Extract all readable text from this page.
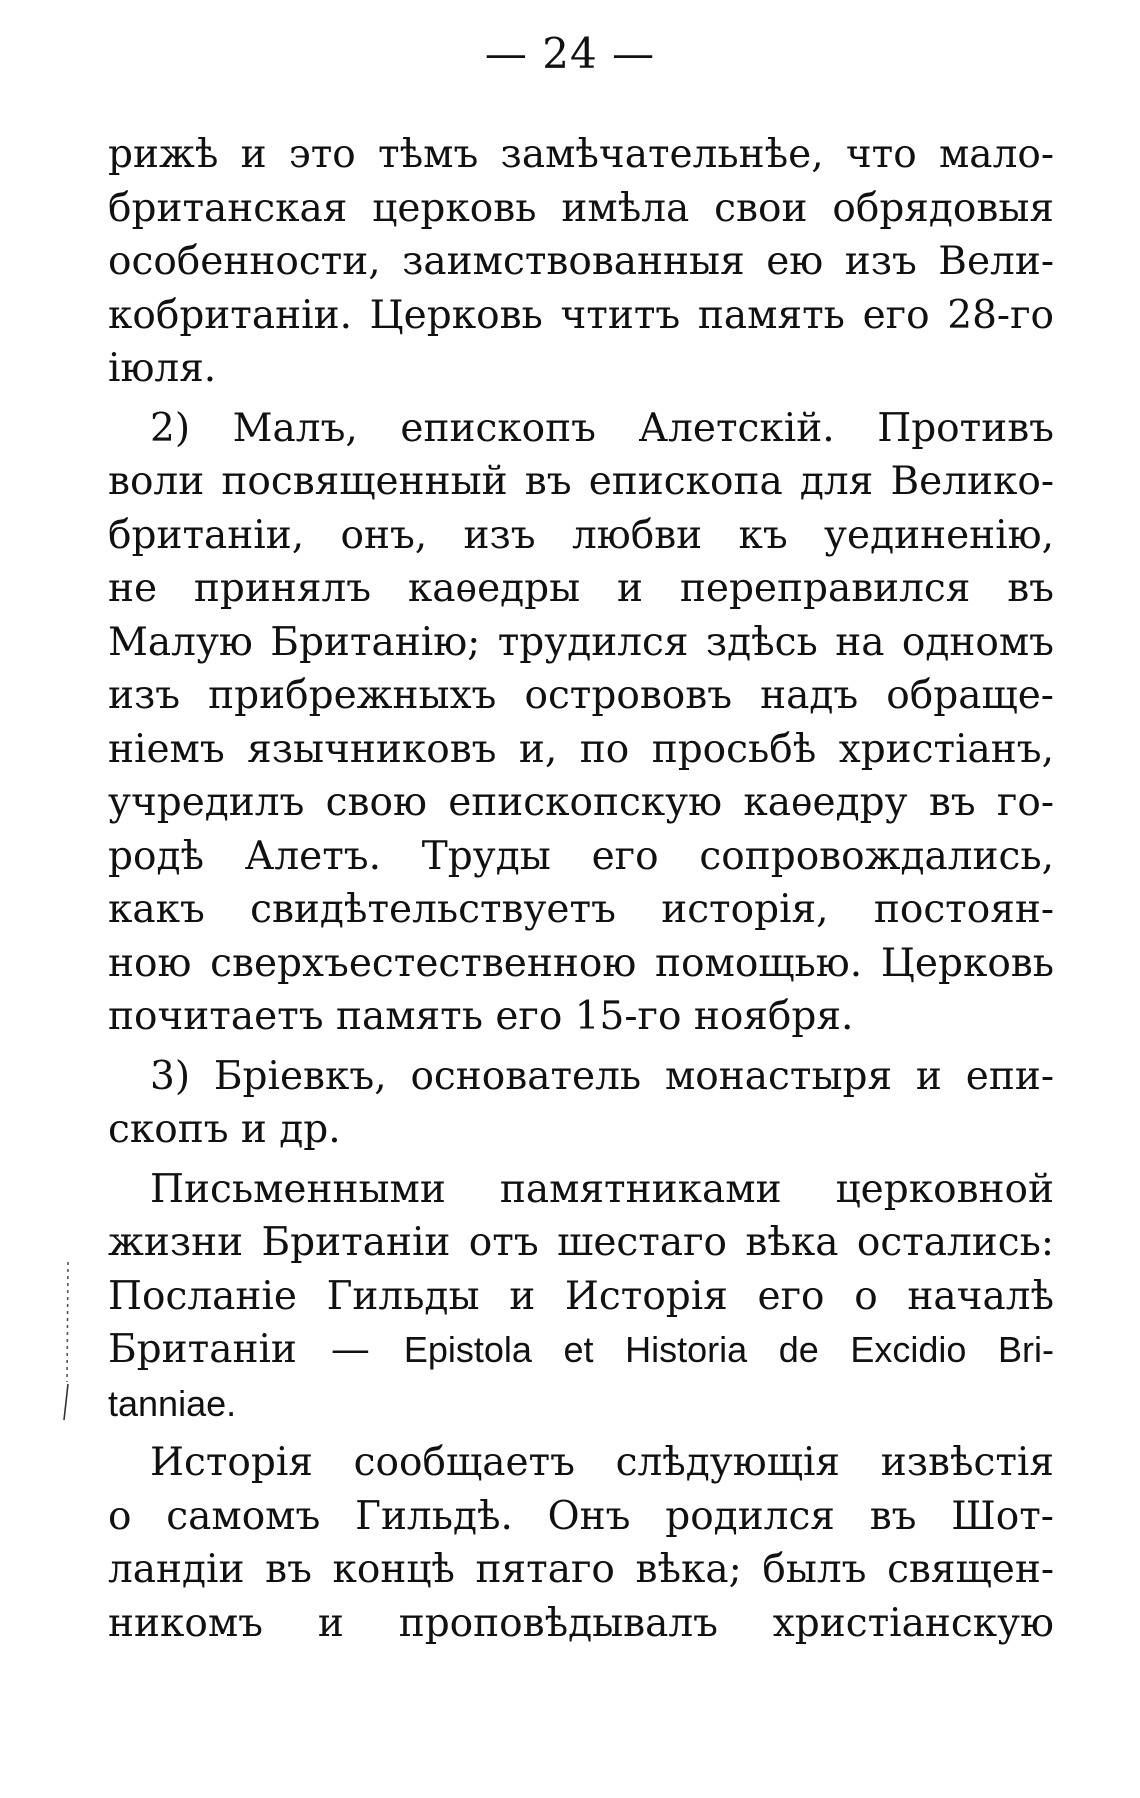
— 24 —
рижѣ и это тѣмъ замѣчательнѣе, что мало-
британская церковь имѣла свои обрядовыя
особенности, заимствованныя ею изъ Вели-
кобританіи. Церковь чтитъ память его 28-го
іюля.
2) Малъ, епископъ Алетскій. Противъ
воли посвященный въ епископа для Велико-
британіи, онъ, изъ любви къ уединенію,
не принялъ каѳедры и переправился въ
Малую Британію; трудился здѣсь на одномъ
изъ прибрежныхъ острововъ надъ обраще-
ніемъ язычниковъ и, по просьбѣ христіанъ,
учредилъ свою епископскую каѳедру въ го-
родѣ Алетъ. Труды его сопровождались,
какъ свидѣтельствуетъ исторія, постоян-
ною сверхъестественною помощью. Церковь
почитаетъ память его 15-го ноября.
3) Бріевкъ, основатель монастыря и епи-
скопъ и др.
Письменными памятниками церковной
жизни Британіи отъ шестаго вѣка остались:
Посланіе Гильды и Исторія его о началѣ
Британіи — Epistola et Historia de Excidio Bri-
tanniae.
Исторія сообщаетъ слѣдующія извѣстія
о самомъ Гильдѣ. Онъ родился въ Шот-
ландіи въ концѣ пятаго вѣка; былъ священ-
никомъ и проповѣдывалъ христіанскую
